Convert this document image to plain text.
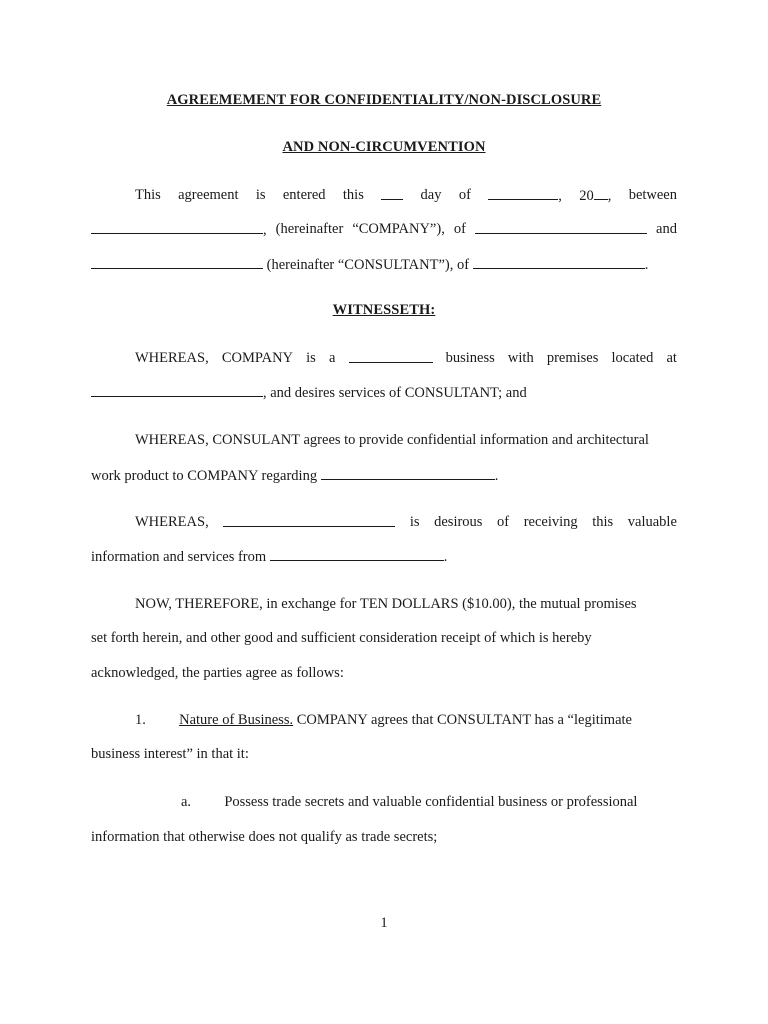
AGREEMEMENT FOR CONFIDENTIALITY/NON-DISCLOSURE
AND NON-CIRCUMVENTION
This agreement is entered this	day of	, 20 , between
, (hereinafter “COMPANY”), of	and
(hereinafter “CONSULTANT”), of	.
WITNESSETH:
WHEREAS, COMPANY is a	business with premises located at
, and desires services of CONSULTANT; and
WHEREAS, CONSULANT agrees to provide confidential information and architectural
work product to COMPANY regarding	.
WHEREAS,	is desirous of receiving this valuable
information and services from	.
NOW, THEREFORE, in exchange for TEN DOLLARS ($10.00), the mutual promises
set forth herein, and other good and sufficient consideration receipt of which is hereby
acknowledged, the parties agree as follows:
1. Nature of Business. COMPANY agrees that CONSULTANT has a “legitimate
business interest” in that it:
a. Possess trade secrets and valuable confidential business or professional
information that otherwise does not qualify as trade secrets;
1
